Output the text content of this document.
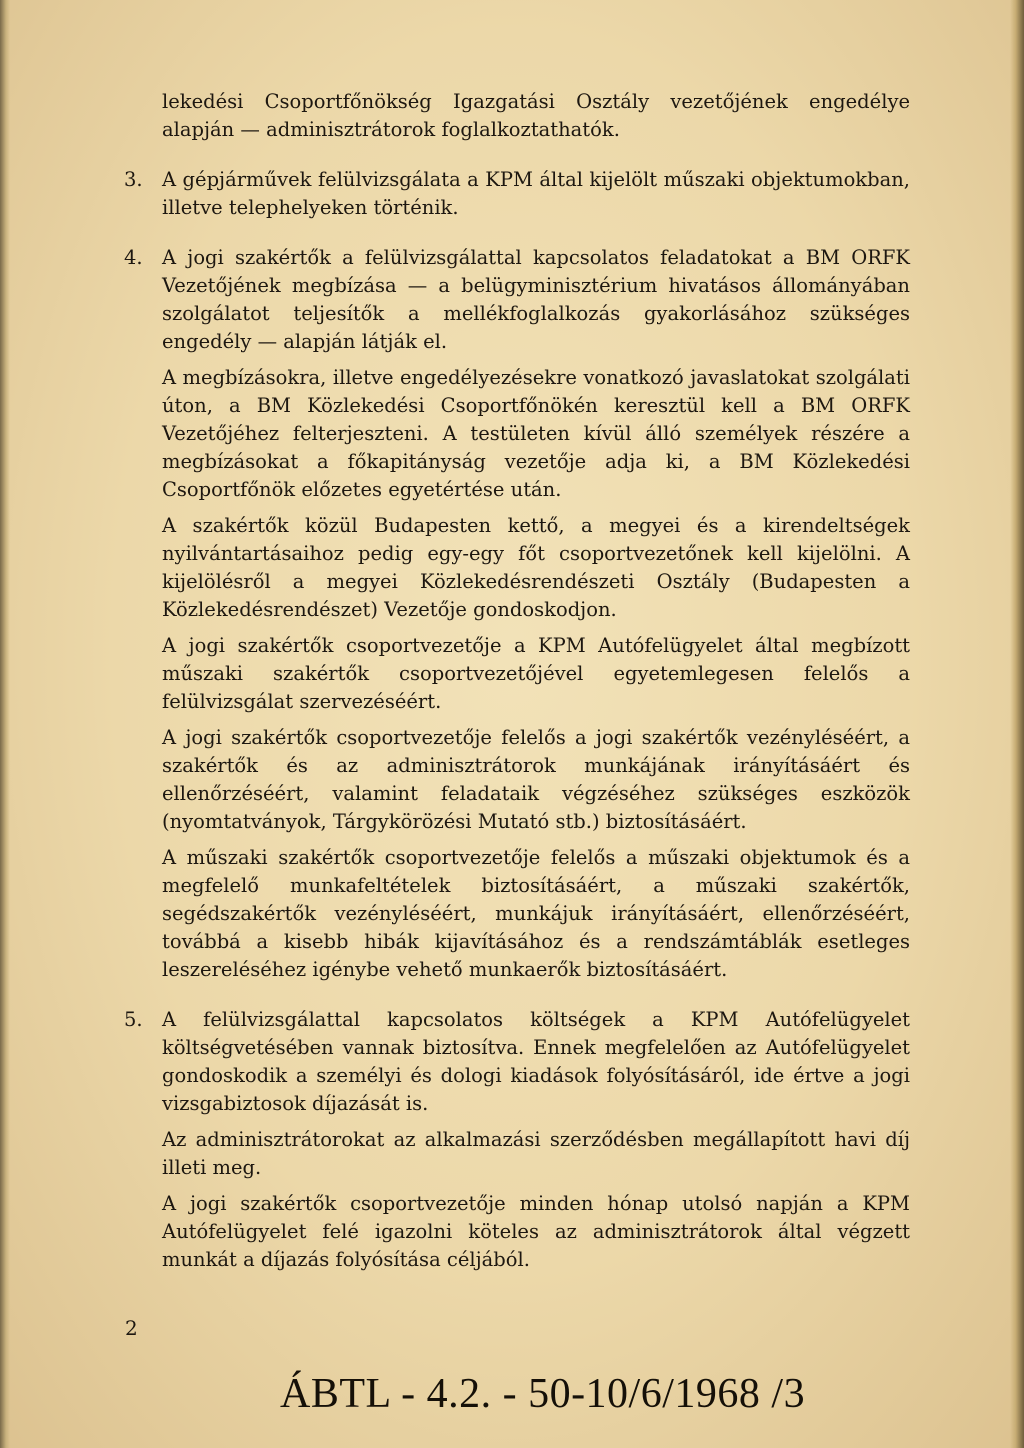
lekedési Csoportfőnökség Igazgatási Osztály vezetőjének engedélye alapján — adminisztrátorok foglalkoztathatók.

3. A gépjárművek felülvizsgálata a KPM által kijelölt műszaki objektumokban, illetve telephelyeken történik.

4. A jogi szakértők a felülvizsgálattal kapcsolatos feladatokat a BM ORFK Vezetőjének megbízása — a belügyminisztérium hivatásos állományában szolgálatot teljesítők a mellékfoglalkozás gyakorlásához szükséges engedély — alapján látják el.

A megbízásokra, illetve engedélyezésekre vonatkozó javaslatokat szolgálati úton, a BM Közlekedési Csoportfőnökén keresztül kell a BM ORFK Vezetőjéhez felterjeszteni. A testületen kívül álló személyek részére a megbízásokat a főkapitányság vezetője adja ki, a BM Közlekedési Csoportfőnök előzetes egyetértése után.

A szakértők közül Budapesten kettő, a megyei és a kirendeltségek nyilvántartásaihoz pedig egy-egy főt csoportvezetőnek kell kijelölni. A kijelölésről a megyei Közlekedésrendészeti Osztály (Budapesten a Közlekedésrendészet) Vezetője gondoskodjon.

A jogi szakértők csoportvezetője a KPM Autófelügyelet által megbízott műszaki szakértők csoportvezetőjével egyetemlegesen felelős a felülvizsgálat szervezéséért.

A jogi szakértők csoportvezetője felelős a jogi szakértők vezényléséért, a szakértők és az adminisztrátorok munkájának irányításáért és ellenőrzéséért, valamint feladataik végzéséhez szükséges eszközök (nyomtatványok, Tárgykörözési Mutató stb.) biztosításáért.

A műszaki szakértők csoportvezetője felelős a műszaki objektumok és a megfelelő munkafeltételek biztosításáért, a műszaki szakértők, segédszakértők vezényléséért, munkájuk irányításáért, ellenőrzéséért, továbbá a kisebb hibák kijavításához és a rendszámtáblák esetleges leszereléséhez igénybe vehető munkaerők biztosításáért.

5. A felülvizsgálattal kapcsolatos költségek a KPM Autófelügyelet költségvetésében vannak biztosítva. Ennek megfelelően az Autófelügyelet gondoskodik a személyi és dologi kiadások folyósításáról, ide értve a jogi vizsgabiztosok díjazását is.

Az adminisztrátorokat az alkalmazási szerződésben megállapított havi díj illeti meg.

A jogi szakértők csoportvezetője minden hónap utolsó napján a KPM Autófelügyelet felé igazolni köteles az adminisztrátorok által végzett munkát a díjazás folyósítása céljából.

2
ÁBTL - 4.2. - 50-10/6/1968 /3
